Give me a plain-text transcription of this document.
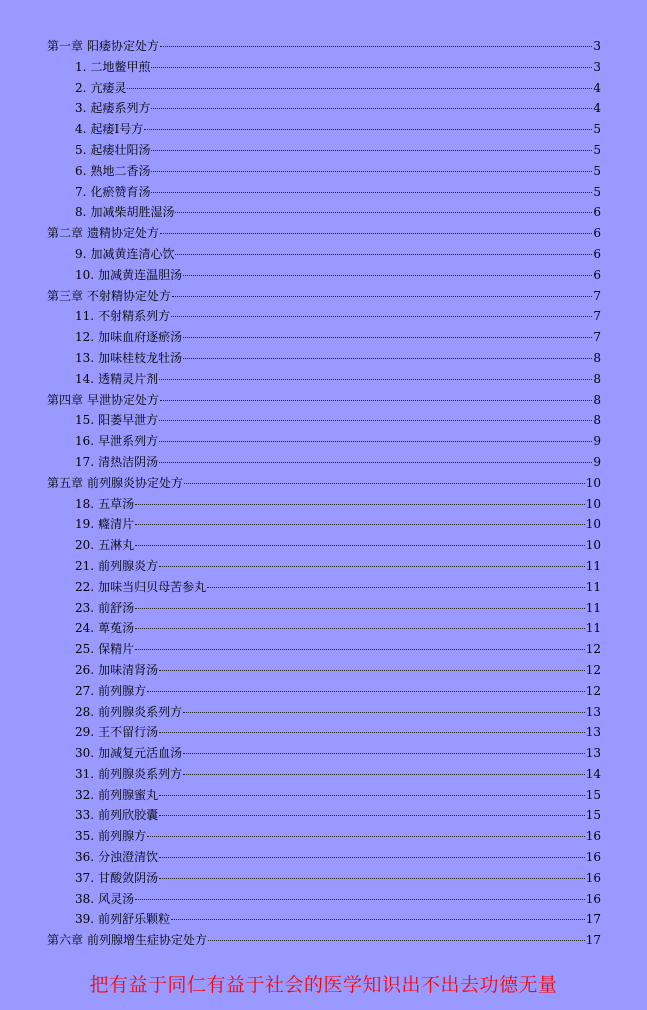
第一章 阳痿协定处方	3
1. 二地鳖甲煎	3
2. 亢痿灵	4
3. 起痿系列方	4
4. 起痿Ⅰ号方	5
5. 起痿壮阳汤	5
6. 熟地二香汤	5
7. 化瘀赞育汤	5
8. 加减柴胡胜湿汤	6
第二章 遗精协定处方	6
9. 加减黄连清心饮	6
10. 加减黄连温胆汤	6
第三章 不射精协定处方	7
11. 不射精系列方	7
12. 加味血府逐瘀汤	7
13. 加味桂枝龙牡汤	8
14. 透精灵片剂	8
第四章 早泄协定处方	8
15. 阳萎早泄方	8
16. 早泄系列方	9
17. 清热洁阴汤	9
第五章 前列腺炎协定处方	10
18. 五草汤	10
19. 癃清片	10
20. 五淋丸	10
21. 前列腺炎方	11
22. 加味当归贝母苦参丸	11
23. 前舒汤	11
24. 萆菟汤	11
25. 保精片	12
26. 加味清肾汤	12
27. 前列腺方	12
28. 前列腺炎系列方	13
29. 王不留行汤	13
30. 加减复元活血汤	13
31. 前列腺炎系列方	14
32. 前列腺蜜丸	15
33. 前列欣胶囊	15
35. 前列腺方	16
36. 分浊澄清饮	16
37. 甘酸敛阴汤	16
38. 风灵汤	16
39. 前列舒乐颗粒	17
第六章 前列腺增生症协定处方	17
把有益于同仁有益于社会的医学知识出不出去功德无量
